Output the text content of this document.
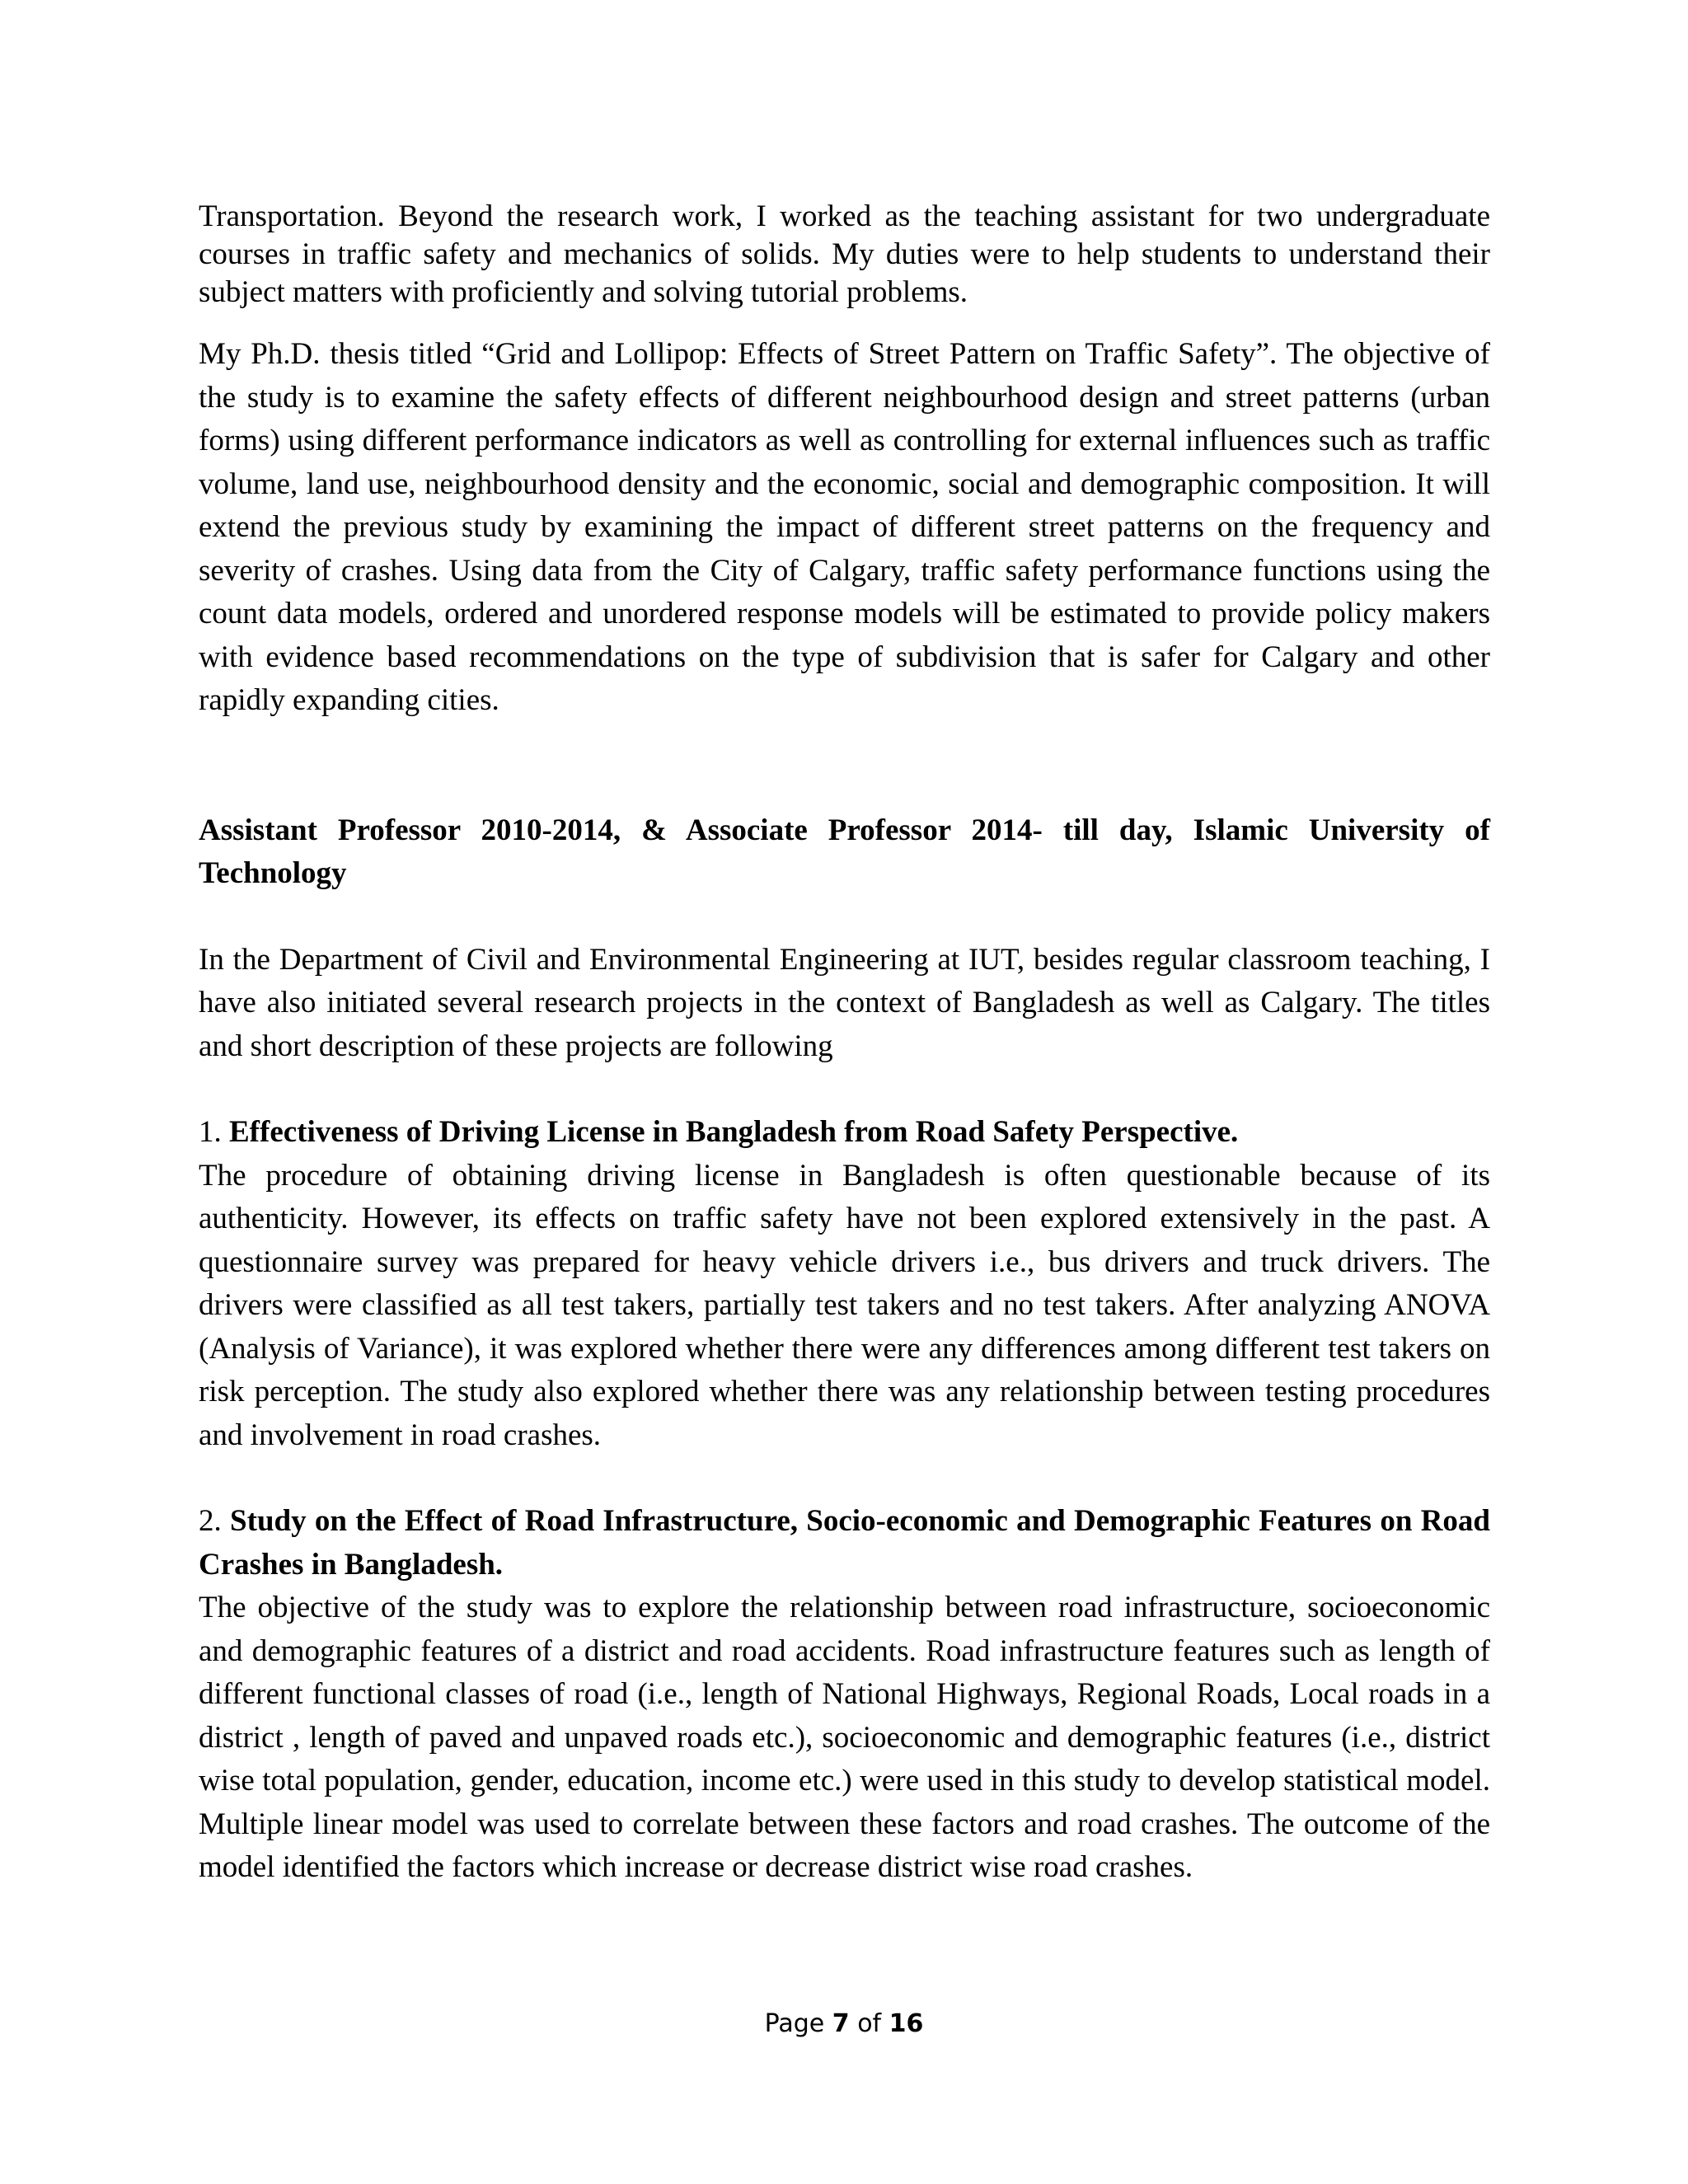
Transportation. Beyond the research work, I worked as the teaching assistant for two undergraduate courses in traffic safety and mechanics of solids. My duties were to help students to understand their subject matters with proficiently and solving tutorial problems.

My Ph.D. thesis titled “Grid and Lollipop: Effects of Street Pattern on Traffic Safety”. The objective of the study is to examine the safety effects of different neighbourhood design and street patterns (urban forms) using different performance indicators as well as controlling for external influences such as traffic volume, land use, neighbourhood density and the economic, social and demographic composition. It will extend the previous study by examining the impact of different street patterns on the frequency and severity of crashes. Using data from the City of Calgary, traffic safety performance functions using the count data models, ordered and unordered response models will be estimated to provide policy makers with evidence based recommendations on the type of subdivision that is safer for Calgary and other rapidly expanding cities.

Assistant Professor 2010-2014, & Associate Professor 2014- till day, Islamic University of Technology

In the Department of Civil and Environmental Engineering at IUT, besides regular classroom teaching, I have also initiated several research projects in the context of Bangladesh as well as Calgary. The titles and short description of these projects are following

1. Effectiveness of Driving License in Bangladesh from Road Safety Perspective.

The procedure of obtaining driving license in Bangladesh is often questionable because of its authenticity. However, its effects on traffic safety have not been explored extensively in the past. A questionnaire survey was prepared for heavy vehicle drivers i.e., bus drivers and truck drivers. The drivers were classified as all test takers, partially test takers and no test takers. After analyzing ANOVA (Analysis of Variance), it was explored whether there were any differences among different test takers on risk perception. The study also explored whether there was any relationship between testing procedures and involvement in road crashes.

2. Study on the Effect of Road Infrastructure, Socio-economic and Demographic Features on Road Crashes in Bangladesh.

The objective of the study was to explore the relationship between road infrastructure, socioeconomic and demographic features of a district and road accidents. Road infrastructure features such as length of different functional classes of road (i.e., length of National Highways, Regional Roads, Local roads in a district , length of paved and unpaved roads etc.), socioeconomic and demographic features (i.e., district wise total population, gender, education, income etc.) were used in this study to develop statistical model. Multiple linear model was used to correlate between these factors and road crashes. The outcome of the model identified the factors which increase or decrease district wise road crashes.

Page 7 of 16
